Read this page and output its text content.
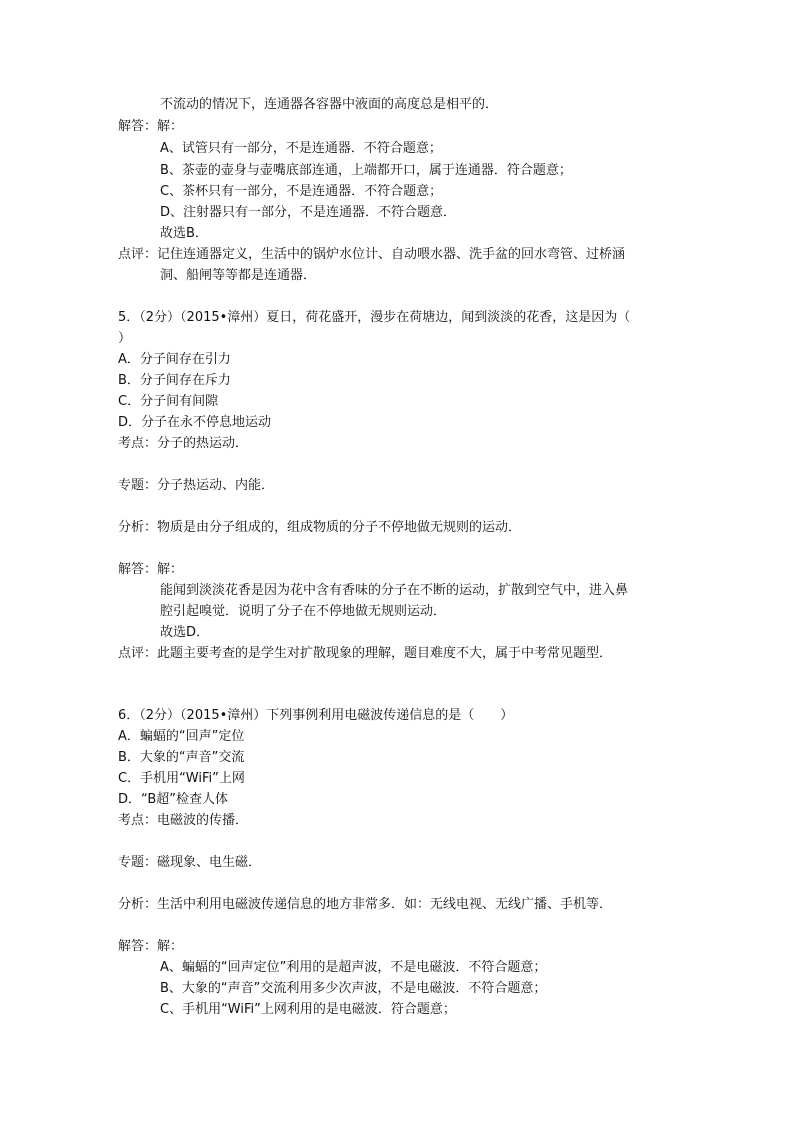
不流动的情况下，连通器各容器中液面的高度总是相平的．
解答：解：
A、试管只有一部分，不是连通器．不符合题意；
B、茶壶的壶身与壶嘴底部连通，上端都开口，属于连通器．符合题意；
C、茶杯只有一部分，不是连通器．不符合题意；
D、注射器只有一部分，不是连通器．不符合题意．
故选B．
点评：记住连通器定义，生活中的锅炉水位计、自动喂水器、洗手盆的回水弯管、过桥涵
洞、船闸等等都是连通器．
5．（2分）（2015•漳州）夏日，荷花盛开，漫步在荷塘边，闻到淡淡的花香，这是因为（
）
A．分子间存在引力
B．分子间存在斥力
C．分子间有间隙
D．分子在永不停息地运动
考点：分子的热运动．
专题：分子热运动、内能．
分析：物质是由分子组成的，组成物质的分子不停地做无规则的运动．
解答：解：
能闻到淡淡花香是因为花中含有香味的分子在不断的运动，扩散到空气中，进入鼻
腔引起嗅觉．说明了分子在不停地做无规则运动．
故选D．
点评：此题主要考查的是学生对扩散现象的理解，题目难度不大，属于中考常见题型．
6．（2分）（2015•漳州）下列事例利用电磁波传递信息的是（　　）
A．蝙蝠的“回声”定位
B．大象的“声音”交流
C．手机用“WiFi”上网
D．“B超”检查人体
考点：电磁波的传播．
专题：磁现象、电生磁．
分析：生活中利用电磁波传递信息的地方非常多．如：无线电视、无线广播、手机等．
解答：解：
A、蝙蝠的“回声定位”利用的是超声波，不是电磁波．不符合题意；
B、大象的“声音”交流利用多少次声波，不是电磁波．不符合题意；
C、手机用“WiFi”上网利用的是电磁波．符合题意；
